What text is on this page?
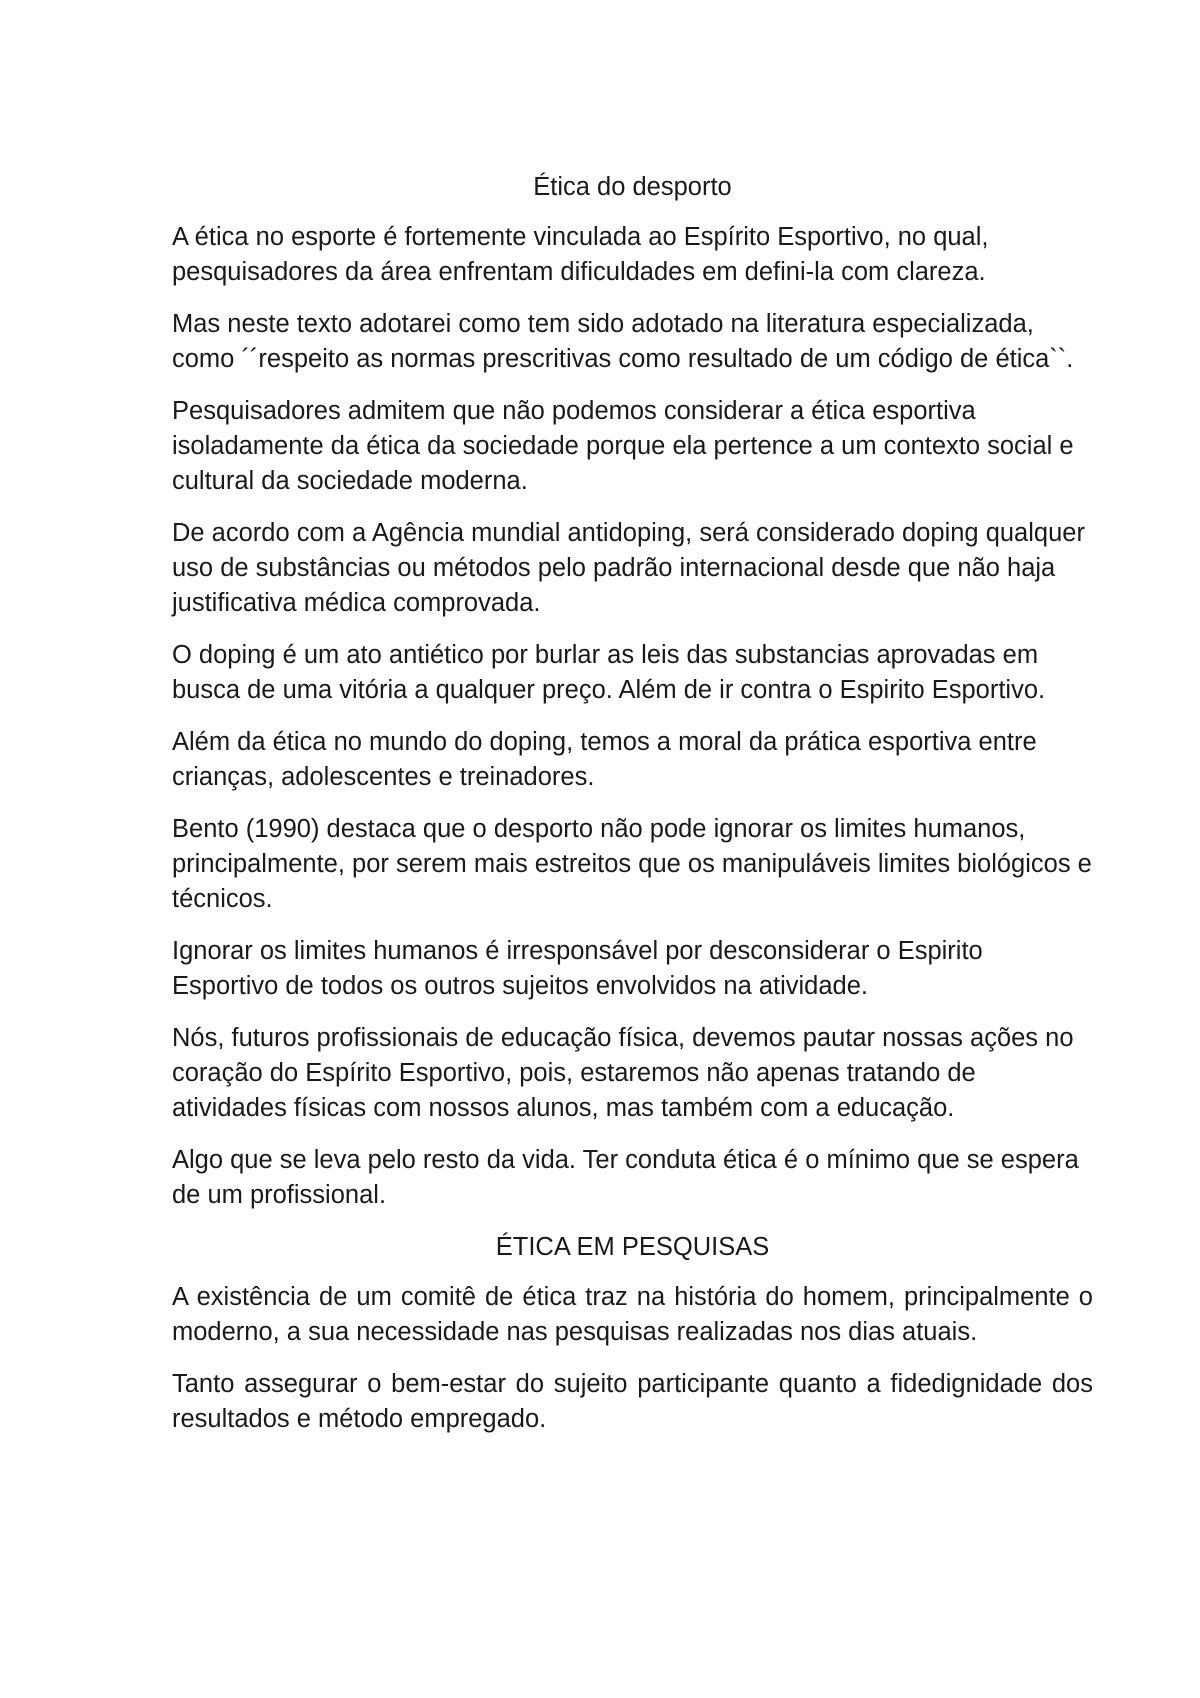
Ética do desporto

A ética no esporte é fortemente vinculada ao Espírito Esportivo, no qual, pesquisadores da área enfrentam dificuldades em defini-la com clareza.

Mas neste texto adotarei como tem sido adotado na literatura especializada, como ´´respeito as normas prescritivas como resultado de um código de ética``.

Pesquisadores admitem que não podemos considerar a ética esportiva isoladamente da ética da sociedade porque ela pertence a um contexto social e cultural da sociedade moderna.

De acordo com a Agência mundial antidoping, será considerado doping qualquer uso de substâncias ou métodos pelo padrão internacional desde que não haja justificativa médica comprovada.

O doping é um ato antiético por burlar as leis das substancias aprovadas em busca de uma vitória a qualquer preço. Além de ir contra o Espirito Esportivo.

Além da ética no mundo do doping, temos a moral da prática esportiva entre crianças, adolescentes e treinadores.

Bento (1990) destaca que o desporto não pode ignorar os limites humanos, principalmente, por serem mais estreitos que os manipuláveis limites biológicos e técnicos.

Ignorar os limites humanos é irresponsável por desconsiderar o Espirito Esportivo de todos os outros sujeitos envolvidos na atividade.

Nós, futuros profissionais de educação física, devemos pautar nossas ações no coração do Espírito Esportivo, pois, estaremos não apenas tratando de atividades físicas com nossos alunos, mas também com a educação.

Algo que se leva pelo resto da vida. Ter conduta ética é o mínimo que se espera de um profissional.

ÉTICA EM PESQUISAS

A existência de um comitê de ética traz na história do homem, principalmente o moderno, a sua necessidade nas pesquisas realizadas nos dias atuais.

Tanto assegurar o bem-estar do sujeito participante quanto a fidedignidade dos resultados e método empregado.
